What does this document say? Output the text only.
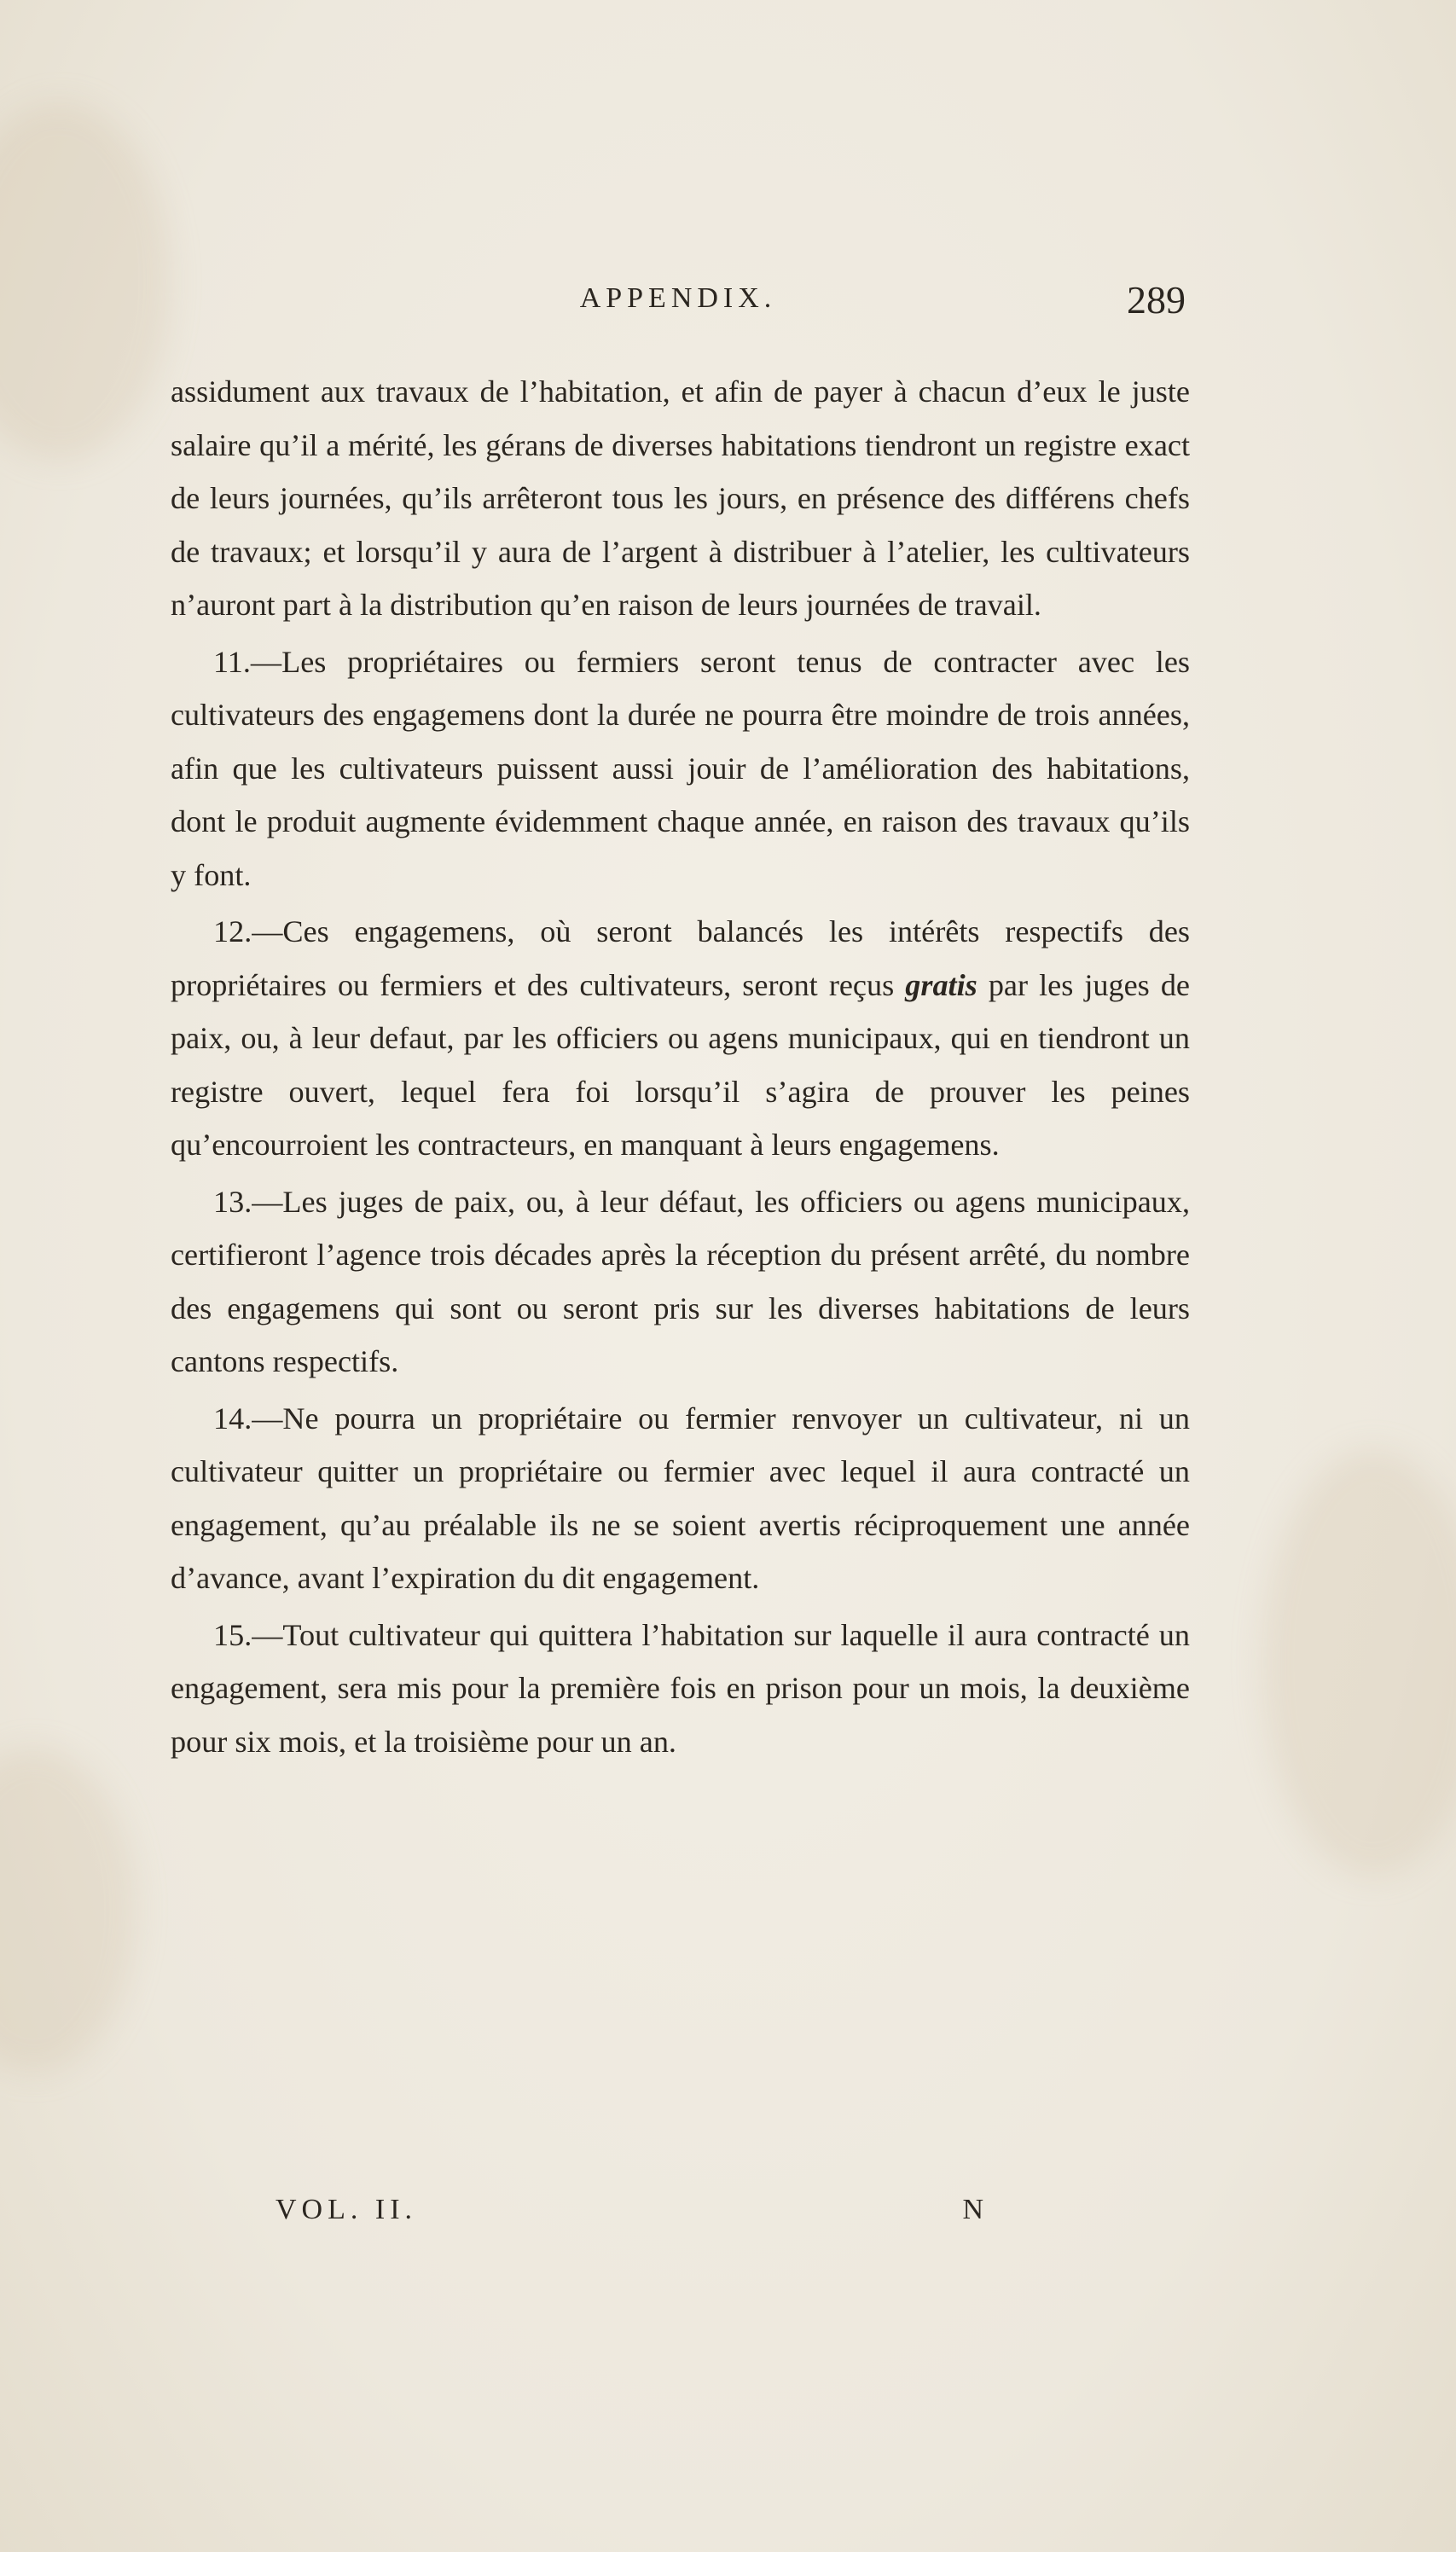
APPENDIX.	289

assidument aux travaux de l’habitation, et afin de payer à chacun d’eux le juste salaire qu’il a mérité, les gérans de diverses habitations tiendront un registre exact de leurs journées, qu’ils arrêteront tous les jours, en présence des différens chefs de travaux; et lorsqu’il y aura de l’argent à distribuer à l’atelier, les cultivateurs n’auront part à la distribution qu’en raison de leurs journées de travail.

11.—Les propriétaires ou fermiers seront tenus de contracter avec les cultivateurs des engagemens dont la durée ne pourra être moindre de trois années, afin que les cultivateurs puissent aussi jouir de l’amélioration des habitations, dont le produit augmente évidemment chaque année, en raison des travaux qu’ils y font.

12.—Ces engagemens, où seront balancés les intérêts respectifs des propriétaires ou fermiers et des cultivateurs, seront reçus gratis par les juges de paix, ou, à leur defaut, par les officiers ou agens municipaux, qui en tiendront un registre ouvert, lequel fera foi lorsqu’il s’agira de prouver les peines qu’encourroient les contracteurs, en manquant à leurs engagemens.

13.—Les juges de paix, ou, à leur défaut, les officiers ou agens municipaux, certifieront l’agence trois décades après la réception du présent arrêté, du nombre des engagemens qui sont ou seront pris sur les diverses habitations de leurs cantons respectifs.

14.—Ne pourra un propriétaire ou fermier renvoyer un cultivateur, ni un cultivateur quitter un propriétaire ou fermier avec lequel il aura contracté un engagement, qu’au préalable ils ne se soient avertis réciproquement une année d’avance, avant l’expiration du dit engagement.

15.—Tout cultivateur qui quittera l’habitation sur laquelle il aura contracté un engagement, sera mis pour la première fois en prison pour un mois, la deuxième pour six mois, et la troisième pour un an.

VOL. II.	N
